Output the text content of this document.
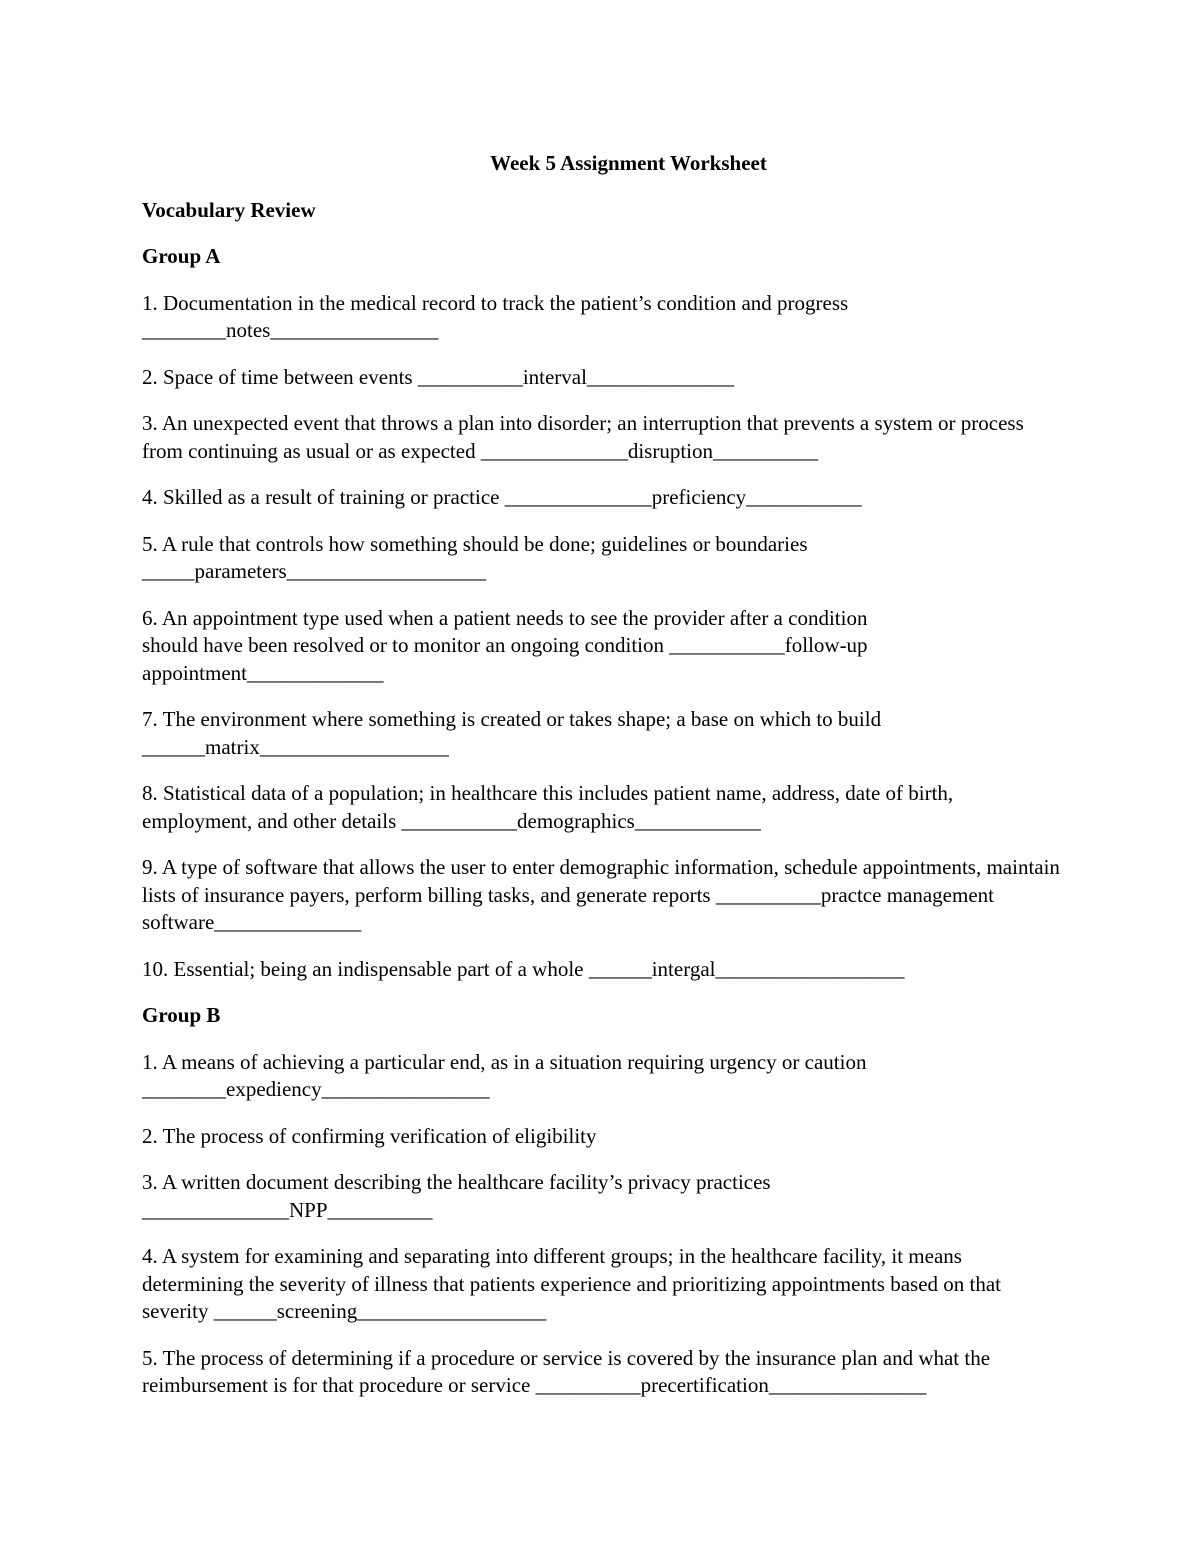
Week 5 Assignment Worksheet
Vocabulary Review
Group A
1. Documentation in the medical record to track the patient’s condition and progress ________notes________________
2. Space of time between events __________interval______________
3. An unexpected event that throws a plan into disorder; an interruption that prevents a system or process from continuing as usual or as expected ______________disruption__________
4. Skilled as a result of training or practice ______________preficiency___________
5. A rule that controls how something should be done; guidelines or boundaries _____parameters___________________
6. An appointment type used when a patient needs to see the provider after a condition should have been resolved or to monitor an ongoing condition ___________follow-up appointment_____________
7. The environment where something is created or takes shape; a base on which to build ______matrix__________________
8. Statistical data of a population; in healthcare this includes patient name, address, date of birth, employment, and other details ___________demographics____________
9. A type of software that allows the user to enter demographic information, schedule appointments, maintain lists of insurance payers, perform billing tasks, and generate reports __________practce management software______________
10. Essential; being an indispensable part of a whole ______intergal__________________
Group B
1. A means of achieving a particular end, as in a situation requiring urgency or caution ________expediency________________
2. The process of confirming verification of eligibility
3. A written document describing the healthcare facility’s privacy practices ______________NPP__________
4. A system for examining and separating into different groups; in the healthcare facility, it means determining the severity of illness that patients experience and prioritizing appointments based on that severity ______screening__________________
5. The process of determining if a procedure or service is covered by the insurance plan and what the reimbursement is for that procedure or service __________precertification_______________
